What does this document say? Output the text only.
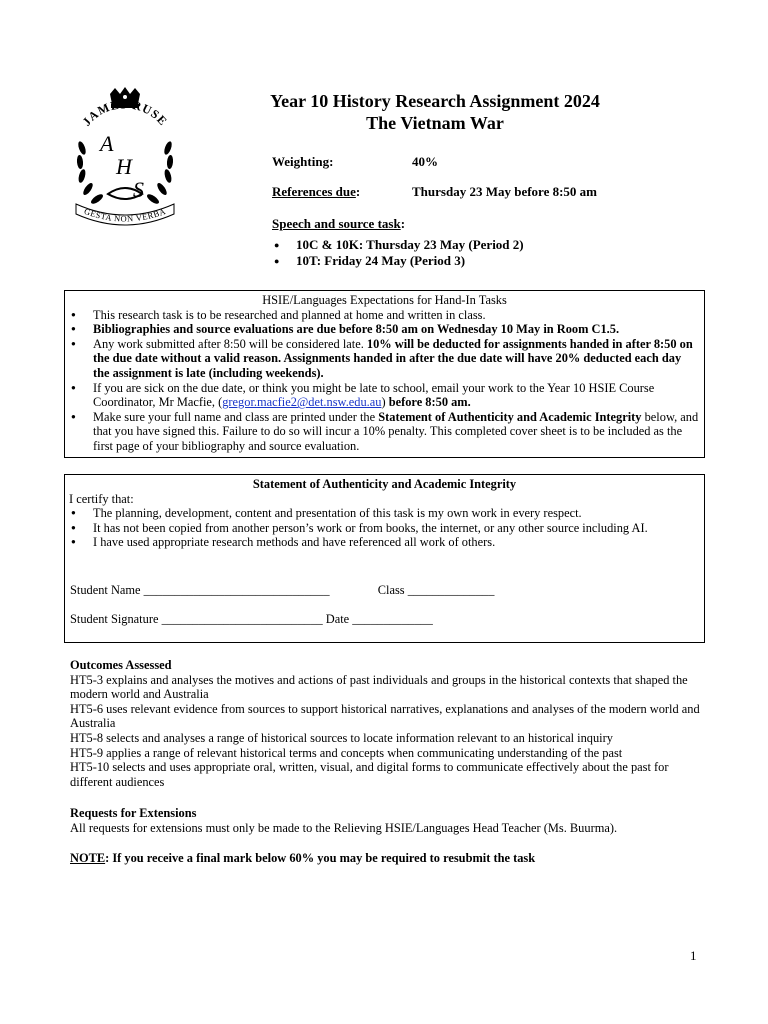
JAMES RUSE
A
H
S
GESTA NON VERBA
Year 10 History Research Assignment 2024
The Vietnam War
Weighting:	40%
References due:	Thursday 23 May before 8:50 am
Speech and source task:
● 10C & 10K: Thursday 23 May (Period 2)
● 10T: Friday 24 May (Period 3)
HSIE/Languages Expectations for Hand-In Tasks
● This research task is to be researched and planned at home and written in class.
● Bibliographies and source evaluations are due before 8:50 am on Wednesday 10 May in Room C1.5.
● Any work submitted after 8:50 will be considered late. 10% will be deducted for assignments handed in after 8:50 on the due date without a valid reason. Assignments handed in after the due date will have 20% deducted each day the assignment is late (including weekends).
● If you are sick on the due date, or think you might be late to school, email your work to the Year 10 HSIE Course Coordinator, Mr Macfie, (gregor.macfie2@det.nsw.edu.au) before 8:50 am.
● Make sure your full name and class are printed under the Statement of Authenticity and Academic Integrity below, and that you have signed this. Failure to do so will incur a 10% penalty. This completed cover sheet is to be included as the first page of your bibliography and source evaluation.
Statement of Authenticity and Academic Integrity
I certify that:
● The planning, development, content and presentation of this task is my own work in every respect.
● It has not been copied from another person’s work or from books, the internet, or any other source including AI.
● I have used appropriate research methods and have referenced all work of others.
Student Name ______________________________	Class ______________
Student Signature __________________________ Date _____________
Outcomes Assessed
HT5-3 explains and analyses the motives and actions of past individuals and groups in the historical contexts that shaped the modern world and Australia
HT5-6 uses relevant evidence from sources to support historical narratives, explanations and analyses of the modern world and Australia
HT5-8 selects and analyses a range of historical sources to locate information relevant to an historical inquiry
HT5-9 applies a range of relevant historical terms and concepts when communicating understanding of the past
HT5-10 selects and uses appropriate oral, written, visual, and digital forms to communicate effectively about the past for different audiences
Requests for Extensions
All requests for extensions must only be made to the Relieving HSIE/Languages Head Teacher (Ms. Buurma).
NOTE: If you receive a final mark below 60% you may be required to resubmit the task
1
